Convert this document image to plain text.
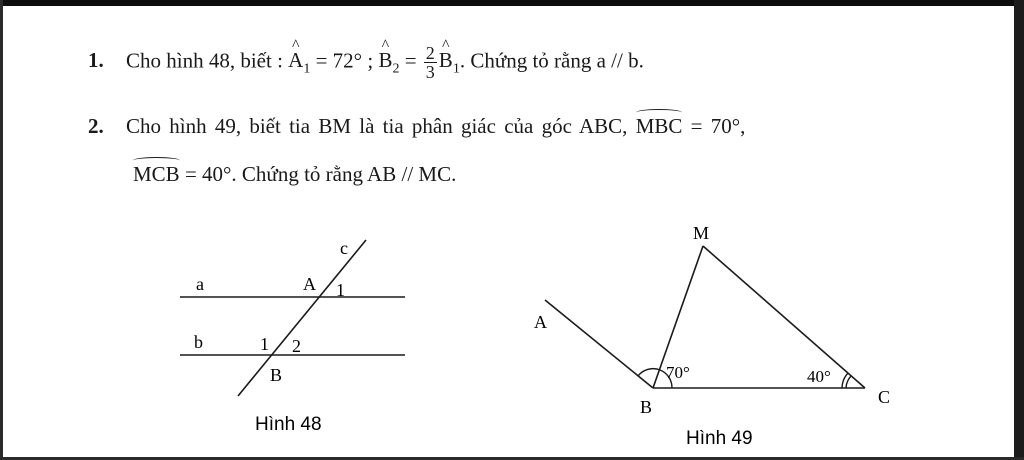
1. Cho hình 48, biết : ^ $A_1 = 72^\circ$ ; ^ $B_2 = \frac{2}{3}$ ^ $B_1$. Chứng tỏ rằng a // b.
2. Cho hình 49, biết tia BM là tia phân giác của góc ABC, MBC = 70°,
MCB = 40°. Chứng tỏ rằng AB // MC.
a
b
c
A 1
1 2
B
Hình 48
M
A
B	C
70°	40°
Hình 49
